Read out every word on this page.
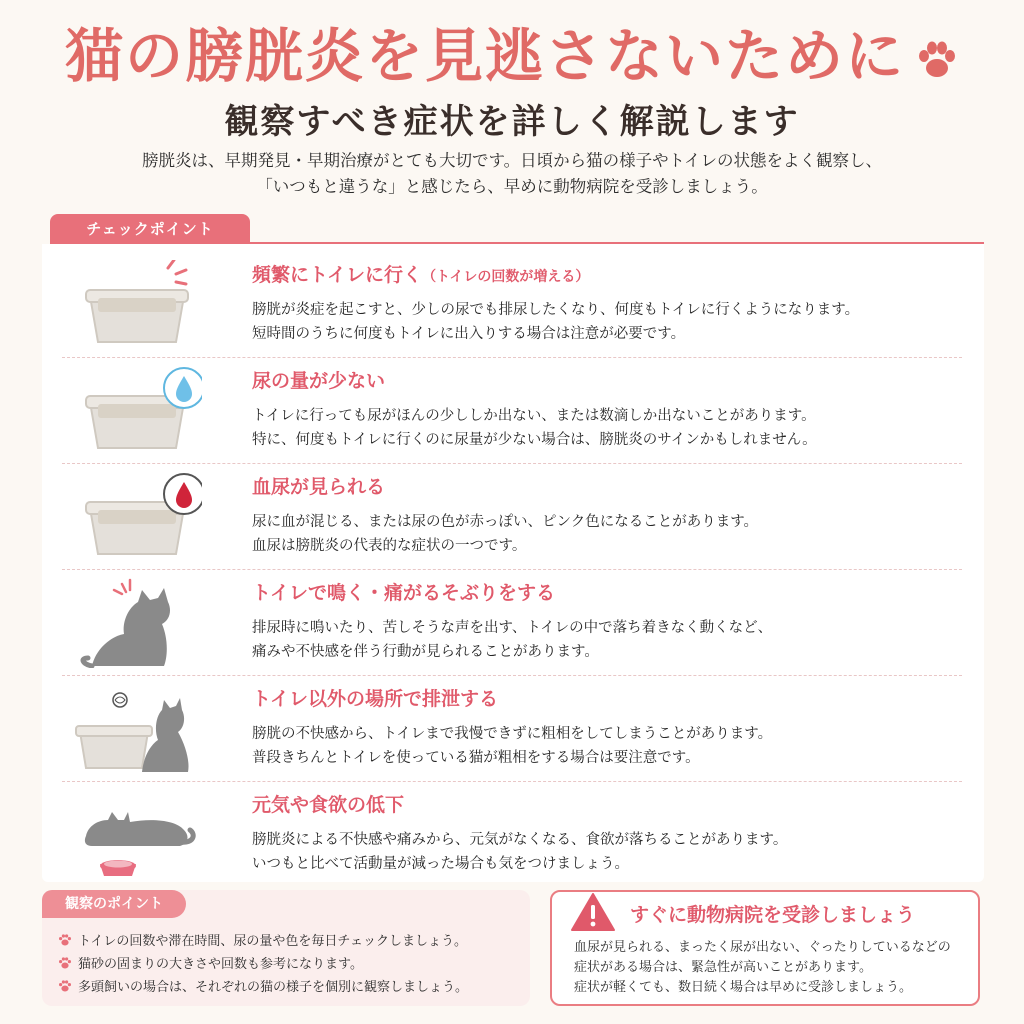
猫の膀胱炎を見逃さないために
観察すべき症状を詳しく解説します
膀胱炎は、早期発見・早期治療がとても大切です。日頃から猫の様子やトイレの状態をよく観察し、
「いつもと違うな」と感じたら、早めに動物病院を受診しましょう。
チェックポイント
頻繁にトイレに行く（トイレの回数が増える）
膀胱が炎症を起こすと、少しの尿でも排尿したくなり、何度もトイレに行くようになります。
短時間のうちに何度もトイレに出入りする場合は注意が必要です。
尿の量が少ない
トイレに行っても尿がほんの少ししか出ない、または数滴しか出ないことがあります。
特に、何度もトイレに行くのに尿量が少ない場合は、膀胱炎のサインかもしれません。
血尿が見られる
尿に血が混じる、または尿の色が赤っぽい、ピンク色になることがあります。
血尿は膀胱炎の代表的な症状の一つです。
トイレで鳴く・痛がるそぶりをする
排尿時に鳴いたり、苦しそうな声を出す、トイレの中で落ち着きなく動くなど、
痛みや不快感を伴う行動が見られることがあります。
トイレ以外の場所で排泄する
膀胱の不快感から、トイレまで我慢できずに粗相をしてしまうことがあります。
普段きちんとトイレを使っている猫が粗相をする場合は要注意です。
元気や食欲の低下
膀胱炎による不快感や痛みから、元気がなくなる、食欲が落ちることがあります。
いつもと比べて活動量が減った場合も気をつけましょう。
観察のポイント
トイレの回数や滞在時間、尿の量や色を毎日チェックしましょう。
猫砂の固まりの大きさや回数も参考になります。
多頭飼いの場合は、それぞれの猫の様子を個別に観察しましょう。
すぐに動物病院を受診しましょう
血尿が見られる、まったく尿が出ない、ぐったりしているなどの
症状がある場合は、緊急性が高いことがあります。
症状が軽くても、数日続く場合は早めに受診しましょう。
